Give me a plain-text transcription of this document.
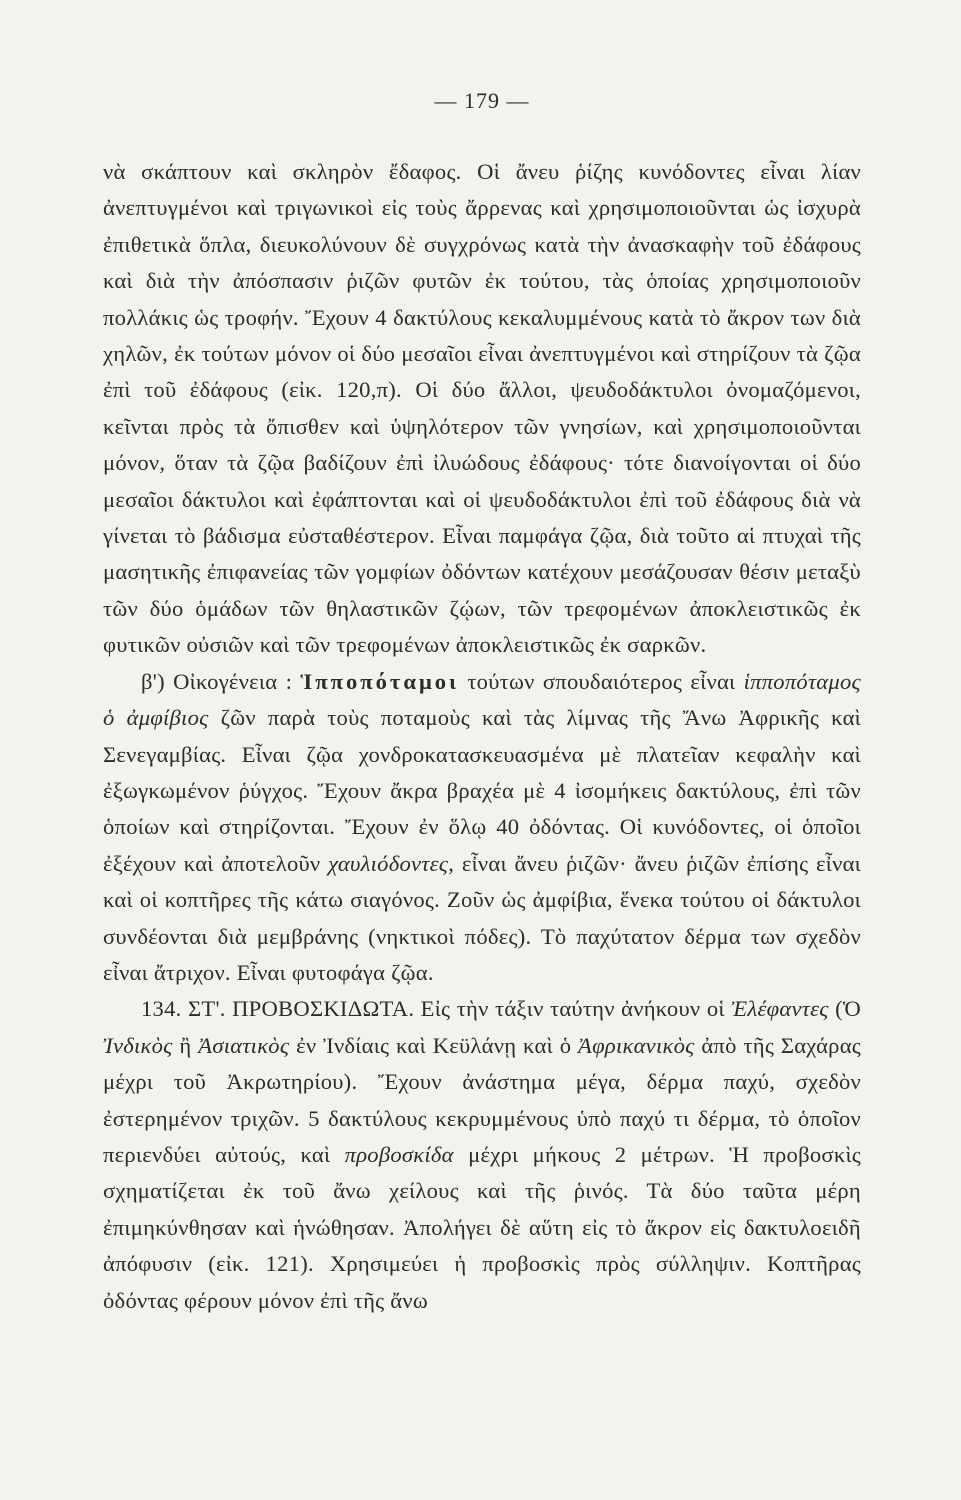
— 179 —

νὰ σκάπτουν καὶ σκληρὸν ἔδαφος. Οἱ ἄνευ ῥίζης κυνόδοντες εἶναι λίαν ἀνεπτυγμένοι καὶ τριγωνικοὶ εἰς τοὺς ἄρρενας καὶ χρησιμοποιοῦνται ὡς ἰσχυρὰ ἐπιθετικὰ ὅπλα, διευκολύνουν δὲ συγχρόνως κατὰ τὴν ἀνασκαφὴν τοῦ ἐδάφους καὶ διὰ τὴν ἀπόσπασιν ῥιζῶν φυτῶν ἐκ τούτου, τὰς ὁποίας χρησιμοποιοῦν πολλάκις ὡς τροφήν. Ἔχουν 4 δακτύλους κεκαλυμμένους κατὰ τὸ ἄκρον των διὰ χηλῶν, ἐκ τούτων μόνον οἱ δύο μεσαῖοι εἶναι ἀνεπτυγμένοι καὶ στηρίζουν τὰ ζῷα ἐπὶ τοῦ ἐδάφους (εἰκ. 120,π). Οἱ δύο ἄλλοι, ψευδοδάκτυλοι ὀνομαζόμενοι, κεῖνται πρὸς τὰ ὄπισθεν καὶ ὑψηλότερον τῶν γνησίων, καὶ χρησιμοποιοῦνται μόνον, ὅταν τὰ ζῷα βαδίζουν ἐπὶ ἰλυώδους ἐδάφους· τότε διανοίγονται οἱ δύο μεσαῖοι δάκτυλοι καὶ ἐφάπτονται καὶ οἱ ψευδοδάκτυλοι ἐπὶ τοῦ ἐδάφους διὰ νὰ γίνεται τὸ βάδισμα εὐσταθέστερον. Εἶναι παμφάγα ζῷα, διὰ τοῦτο αἱ πτυχαὶ τῆς μασητικῆς ἐπιφανείας τῶν γομφίων ὀδόντων κατέχουν μεσάζουσαν θέσιν μεταξὺ τῶν δύο ὁμάδων τῶν θηλαστικῶν ζῴων, τῶν τρεφομένων ἀποκλειστικῶς ἐκ φυτικῶν οὐσιῶν καὶ τῶν τρεφομένων ἀποκλειστικῶς ἐκ σαρκῶν.

β') Οἰκογένεια : Ἱπποπόταμοι τούτων σπουδαιότερος εἶναι ἱπποπόταμος ὁ ἀμφίβιος ζῶν παρὰ τοὺς ποταμοὺς καὶ τὰς λίμνας τῆς Ἄνω Ἀφρικῆς καὶ Σενεγαμβίας. Εἶναι ζῷα χονδροκατασκευασμένα μὲ πλατεῖαν κεφαλὴν καὶ ἐξωγκωμένον ῥύγχος. Ἔχουν ἄκρα βραχέα μὲ 4 ἰσομήκεις δακτύλους, ἐπὶ τῶν ὁποίων καὶ στηρίζονται. Ἔχουν ἐν ὅλῳ 40 ὀδόντας. Οἱ κυνόδοντες, οἱ ὁποῖοι ἐξέχουν καὶ ἀποτελοῦν χαυλιόδοντες, εἶναι ἄνευ ῥιζῶν· ἄνευ ῥιζῶν ἐπίσης εἶναι καὶ οἱ κοπτῆρες τῆς κάτω σιαγόνος. Ζοῦν ὡς ἀμφίβια, ἕνεκα τούτου οἱ δάκτυλοι συνδέονται διὰ μεμβράνης (νηκτικοὶ πόδες). Τὸ παχύτατον δέρμα των σχεδὸν εἶναι ἄτριχον. Εἶναι φυτοφάγα ζῷα.

134. ΣΤ'. ΠΡΟΒΟΣΚΙΔΩΤΑ. Εἰς τὴν τάξιν ταύτην ἀνήκουν οἱ Ἐλέφαντες (Ὁ Ἰνδικὸς ἢ Ἀσιατικὸς ἐν Ἰνδίαις καὶ Κεϋλάνῃ καὶ ὁ Ἀφρικανικὸς ἀπὸ τῆς Σαχάρας μέχρι τοῦ Ἀκρωτηρίου). Ἔχουν ἀνάστημα μέγα, δέρμα παχύ, σχεδὸν ἐστερημένον τριχῶν. 5 δακτύλους κεκρυμμένους ὑπὸ παχύ τι δέρμα, τὸ ὁποῖον περιενδύει αὐτούς, καὶ προβοσκίδα μέχρι μήκους 2 μέτρων. Ἡ προβοσκὶς σχηματίζεται ἐκ τοῦ ἄνω χείλους καὶ τῆς ῥινός. Τὰ δύο ταῦτα μέρη ἐπιμηκύνθησαν καὶ ἡνώθησαν. Ἀπολήγει δὲ αὕτη εἰς τὸ ἄκρον εἰς δακτυλοειδῆ ἀπόφυσιν (εἰκ. 121). Χρησιμεύει ἡ προβοσκὶς πρὸς σύλληψιν. Κοπτῆρας ὀδόντας φέρουν μόνον ἐπὶ τῆς ἄνω
